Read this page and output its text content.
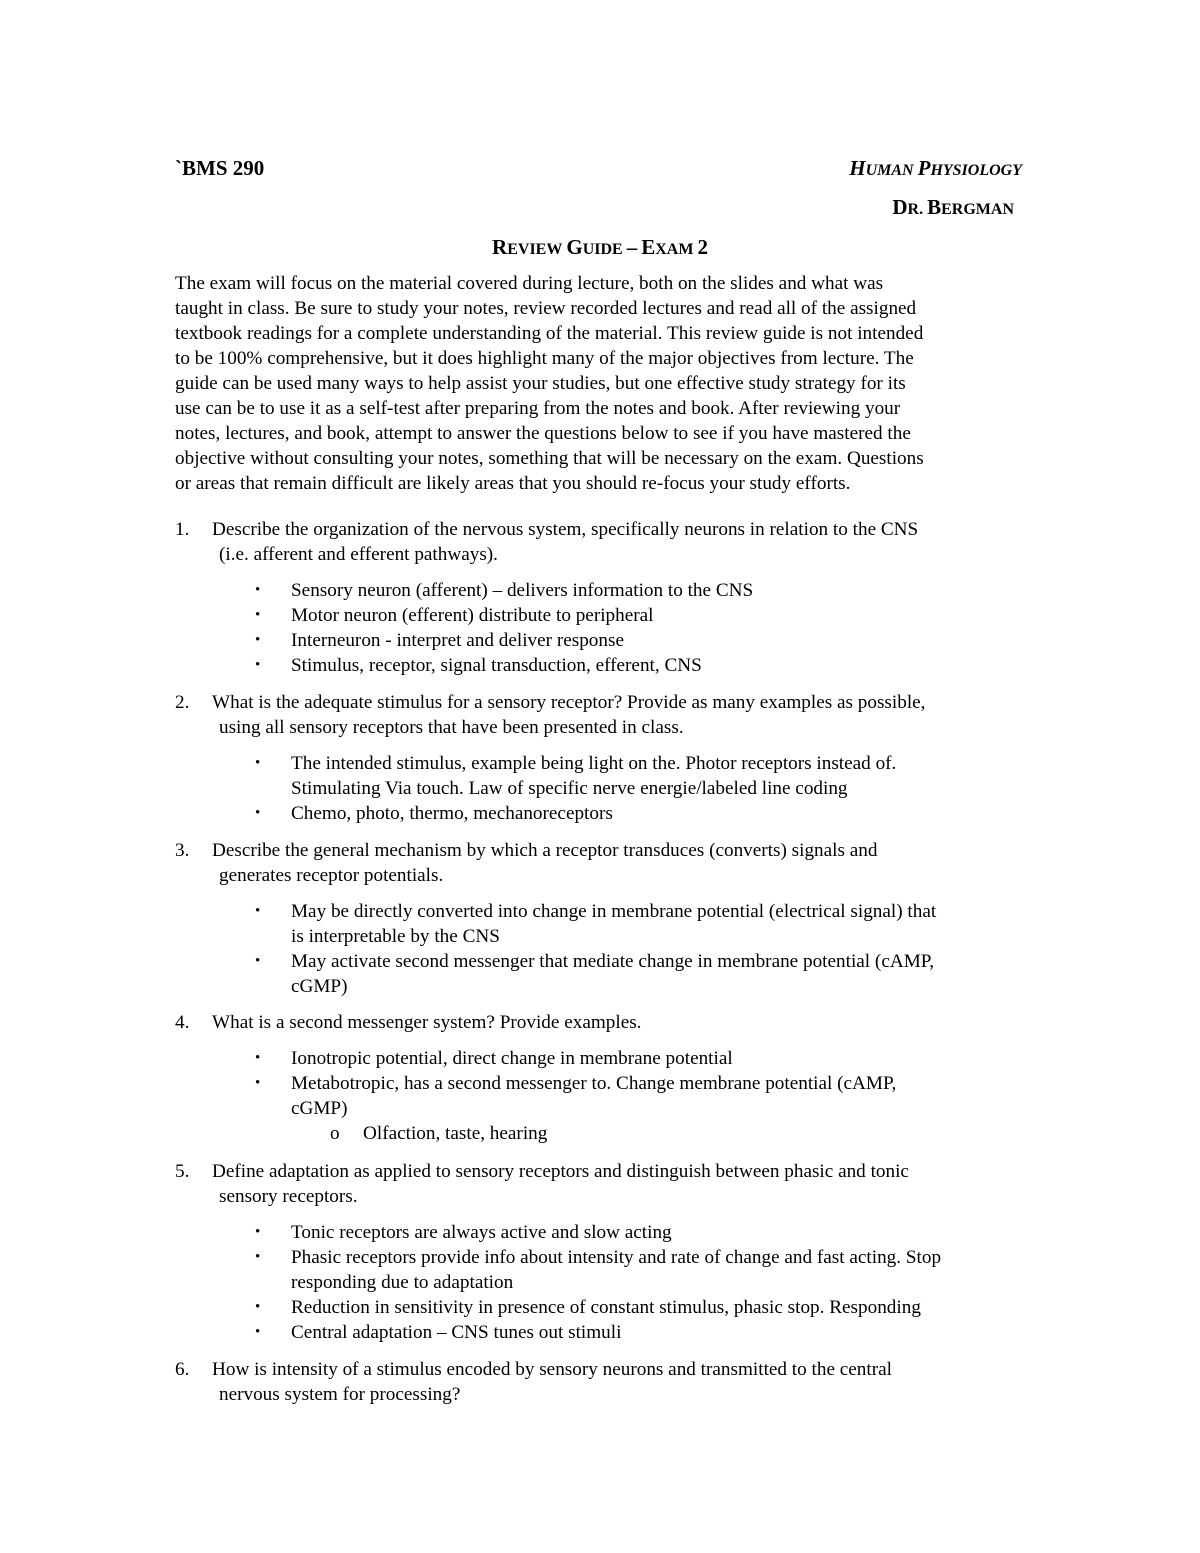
`BMS 290	HUMAN PHYSIOLOGY
DR. BERGMAN
REVIEW GUIDE – EXAM 2
The exam will focus on the material covered during lecture, both on the slides and what was
taught in class. Be sure to study your notes, review recorded lectures and read all of the assigned
textbook readings for a complete understanding of the material. This review guide is not intended
to be 100% comprehensive, but it does highlight many of the major objectives from lecture. The
guide can be used many ways to help assist your studies, but one effective study strategy for its
use can be to use it as a self-test after preparing from the notes and book. After reviewing your
notes, lectures, and book, attempt to answer the questions below to see if you have mastered the
objective without consulting your notes, something that will be necessary on the exam. Questions
or areas that remain difficult are likely areas that you should re-focus your study efforts.
1. Describe the organization of the nervous system, specifically neurons in relation to the CNS
(i.e. afferent and efferent pathways).
• Sensory neuron (afferent) – delivers information to the CNS
• Motor neuron (efferent) distribute to peripheral
• Interneuron - interpret and deliver response
• Stimulus, receptor, signal transduction, efferent, CNS
2. What is the adequate stimulus for a sensory receptor? Provide as many examples as possible,
using all sensory receptors that have been presented in class.
• The intended stimulus, example being light on the. Photor receptors instead of.
Stimulating Via touch. Law of specific nerve energie/labeled line coding
• Chemo, photo, thermo, mechanoreceptors
3. Describe the general mechanism by which a receptor transduces (converts) signals and
generates receptor potentials.
• May be directly converted into change in membrane potential (electrical signal) that
is interpretable by the CNS
• May activate second messenger that mediate change in membrane potential (cAMP,
cGMP)
4. What is a second messenger system? Provide examples.
• Ionotropic potential, direct change in membrane potential
• Metabotropic, has a second messenger to. Change membrane potential (cAMP,
cGMP)
o Olfaction, taste, hearing
5. Define adaptation as applied to sensory receptors and distinguish between phasic and tonic
sensory receptors.
• Tonic receptors are always active and slow acting
• Phasic receptors provide info about intensity and rate of change and fast acting. Stop
responding due to adaptation
• Reduction in sensitivity in presence of constant stimulus, phasic stop. Responding
• Central adaptation – CNS tunes out stimuli
6. How is intensity of a stimulus encoded by sensory neurons and transmitted to the central
nervous system for processing?
